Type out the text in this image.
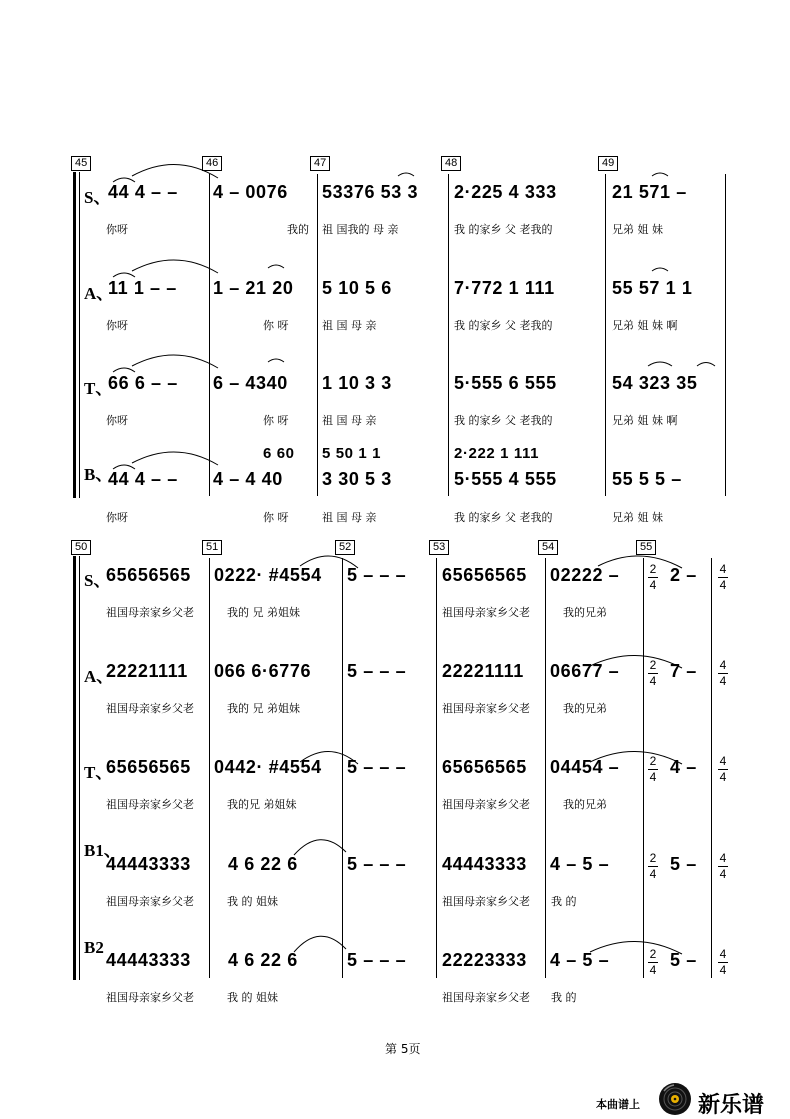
45	46	47	48	49
S、
44 4 – – 4 – 0076 53376 53 3 2·225 4 333	21 571 –
你呀	我的 祖 国我的 母 亲	我 的家乡 父 老我的	兄弟 姐 妹
A、
11 1 – – 1 – 21 20 5 10 5 6	7·772 1 111	55 57 1 1
你呀	你 呀	祖 国 母 亲	我 的家乡 父 老我的	兄弟 姐 妹 啊
T、
66 6 – – 6 – 4340 1 10 3 3	5·555 6 555	54 323 35
你呀	你 呀	祖 国 母 亲	我 的家乡 父 老我的	兄弟 姐 妹 啊
6 60 5 50 1 1	2·222 1 111
B、
44 4 – – 4 – 4 40 3 30 5 3	5·555 4 555	55 5 5 –
你呀	你 呀	祖 国 母 亲	我 的家乡 父 老我的	兄弟 姐 妹
50	51	52	53	54	55
S、
65656565 0222· #4554 5 – – – 65656565 02222 –	2 –
祖国母亲家乡父老	我的 兄 弟姐妹	祖国母亲家乡父老	我的兄弟
A、
22221111 066 6·6776 5 – – – 22221111 06677 –	7 –
祖国母亲家乡父老	我的 兄 弟姐妹	祖国母亲家乡父老	我的兄弟
T、
65656565 0442· #4554 5 – – – 65656565 04454 –	4 –
祖国母亲家乡父老	我的兄 弟姐妹	祖国母亲家乡父老	我的兄弟
B1、
44443333 4 6 22 6	5 – – – 44443333 4 – 5 –	5 –
祖国母亲家乡父老	我 的 姐妹	祖国母亲家乡父老 我 的
B2
44443333 4 6 22 6	5 – – – 22223333 4 – 5 –	5 –
祖国母亲家乡父老	我 的 姐妹	祖国母亲家乡父老 我 的
2
4
4
4
2
4
4
4
2
4
4
4
2
4
4
4
2
4
4
4
第 5页
本曲谱上	新乐谱
